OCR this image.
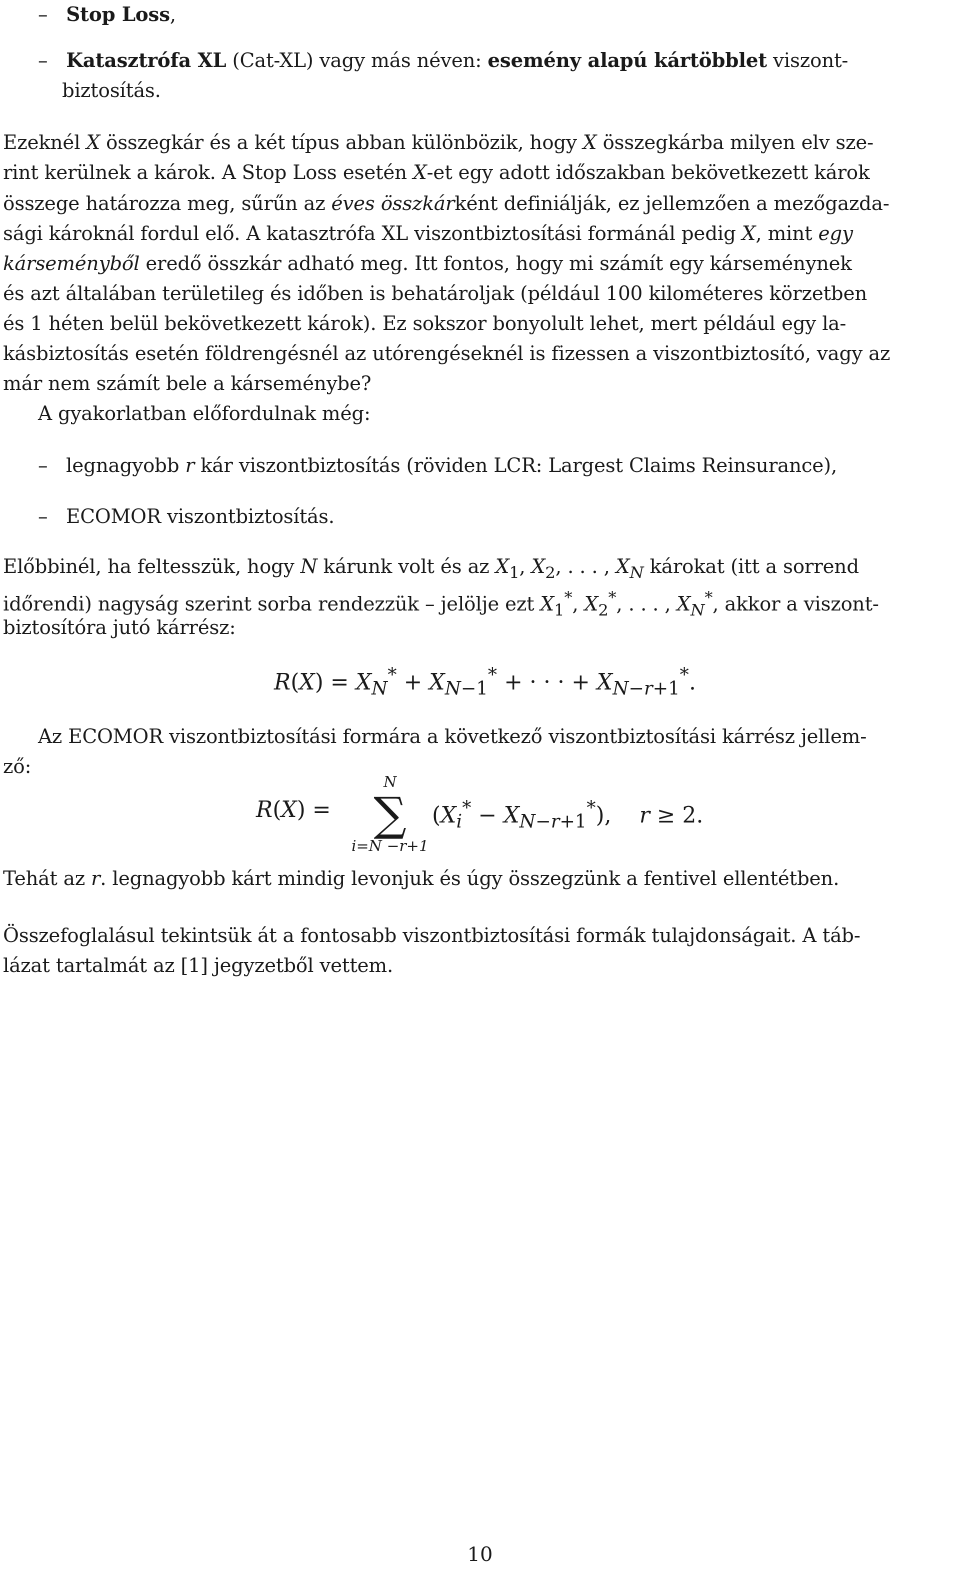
– Stop Loss,

– Katasztrófa XL (Cat-XL) vagy más néven: esemény alapú kártöbblet viszont-

biztosítás.

Ezeknél X összegkár és a két típus abban különbözik, hogy X összegkárba milyen elv sze-

rint kerülnek a károk. A Stop Loss esetén X-et egy adott időszakban bekövetkezett károk

összege határozza meg, sűrűn az éves összkárként definiálják, ez jellemzően a mezőgazda-

sági károknál fordul elő. A katasztrófa XL viszontbiztosítási formánál pedig X, mint egy

kárseményből eredő összkár adható meg. Itt fontos, hogy mi számít egy kárseménynek

és azt általában területileg és időben is behatároljak (például 100 kilométeres körzetben

és 1 héten belül bekövetkezett károk). Ez sokszor bonyolult lehet, mert például egy la-

kásbiztosítás esetén földrengésnél az utórengéseknél is fizessen a viszontbiztosító, vagy az

már nem számít bele a kárseménybe?

A gyakorlatban előfordulnak még:

– legnagyobb r kár viszontbiztosítás (röviden LCR: Largest Claims Reinsurance),

– ECOMOR viszontbiztosítás.

Előbbinél, ha feltesszük, hogy N kárunk volt és az $X_1$, $X_2$, . . . , $X_N$ károkat (itt a sorrend

időrendi) nagyság szerint sorba rendezzük – jelölje ezt $X_1^*$, $X_2^*$, . . . , $X_N^*$, akkor a viszont-

biztosítóra jutó kárrész:

$R(X) = X_N^* + X_{N-1}^*$ + · · · + $X_{N-r+1}^*$.

Az ECOMOR viszontbiztosítási formára a következő viszontbiztosítási kárrész jellem-

ző:

R(X) =
N
∑
i=N −r+1
$(X_i^* - X_{N-r+1}^*)$,    r ≥ 2.

Tehát az r. legnagyobb kárt mindig levonjuk és úgy összegzünk a fentivel ellentétben.

Összefoglalásul tekintsük át a fontosabb viszontbiztosítási formák tulajdonságait. A táb-

lázat tartalmát az [1] jegyzetből vettem.

10
